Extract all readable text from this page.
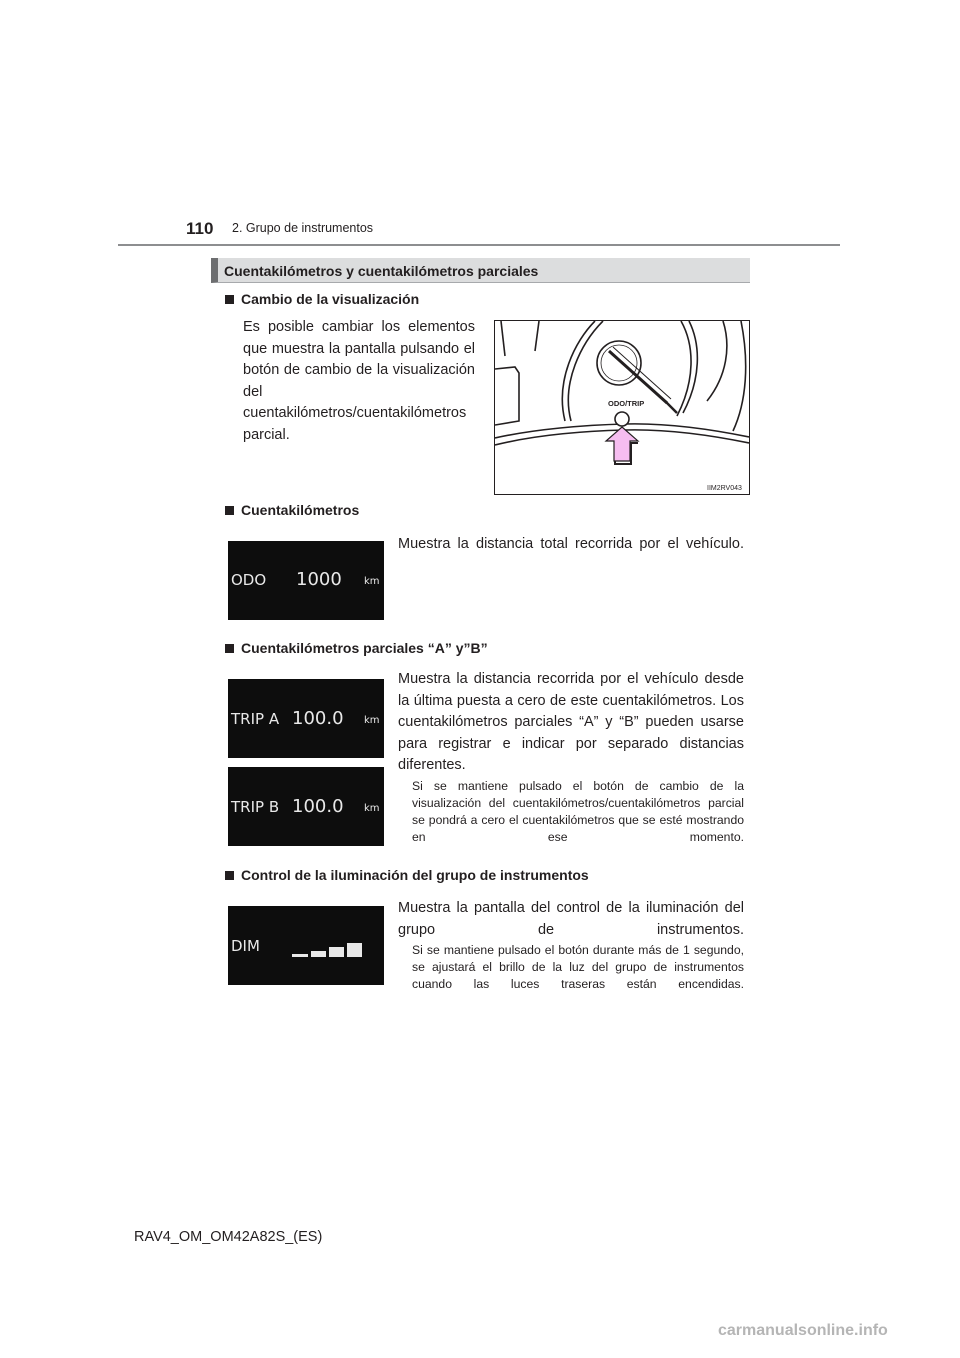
110 2. Grupo de instrumentos
Cuentakilómetros y cuentakilómetros parciales
Cambio de la visualización
Es posible cambiar los elementos que muestra la pantalla pulsando el botón de cambio de la visualización del cuentakilómetros/cuentakilómetros parcial.
ODO/TRIP
IIM2RV043
Cuentakilómetros
ODO 1000 km
Muestra la distancia total recorrida por el vehículo.
Cuentakilómetros parciales “A” y”B”
TRIP A 100.0 km
TRIP B 100.0 km
Muestra la distancia recorrida por el vehículo desde la última puesta a cero de este cuentakilómetros. Los cuentakilómetros parciales “A” y “B” pueden usarse para registrar e indicar por separado distancias diferentes.
Si se mantiene pulsado el botón de cambio de la visualización del cuentakilómetros/cuentakilómetros parcial se pondrá a cero el cuentakilómetros que se esté mostrando en ese momento.
Control de la iluminación del grupo de instrumentos
DIM
Muestra la pantalla del control de la iluminación del grupo de instrumentos.
Si se mantiene pulsado el botón durante más de 1 segundo, se ajustará el brillo de la luz del grupo de instrumentos cuando las luces traseras están encendidas.
RAV4_OM_OM42A82S_(ES)
carmanualsonline.info
